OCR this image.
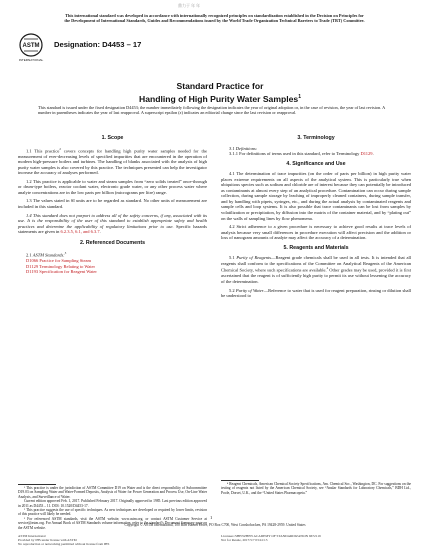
鼎力于 年 年
This international standard was developed in accordance with internationally recognized principles on standardization established in the Decision on Principles for the Development of International Standards, Guides and Recommendations issued by the World Trade Organization Technical Barriers to Trade (TBT) Committee.
ASTM
INTERNATIONAL
Designation: D4453 – 17
Standard Practice for
Handling of High Purity Water Samples$^1$
This standard is issued under the fixed designation D4453; the number immediately following the designation indicates the year of original adoption or, in the case of revision, the year of last revision. A number in parentheses indicates the year of last reapproval. A superscript epsilon (ε) indicates an editorial change since the last revision or reapproval.
1. Scope

1.1 This practice$^2$ covers concepts for handling high purity water samples needed for the measurement of ever-decreasing levels of specified impurities that are encountered in the operation of modern high-pressure boilers and turbines. The handling of blanks associated with the analysis of high purity water samples is also covered by this practice. The techniques presented can help the investigator increase the accuracy of analyses performed.

1.2 This practice is applicable to water and steam samples from “zero solids treated” once-through or drum-type boilers, reactor coolant water, electronic grade water, or any other process water where analyte concentrations are in the low parts per billion (micrograms per litre) range.

1.3 The values stated in SI units are to be regarded as standard. No other units of measurement are included in this standard.

1.4 This standard does not purport to address all of the safety concerns, if any, associated with its use. It is the responsibility of the user of this standard to establish appropriate safety and health practices and determine the applicability of regulatory limitations prior to use. Specific hazards statements are given in 6.2.3.5, 6.1, and 6.3.7.

2. Referenced Documents

2.1 ASTM Standards:$^3$

D1066 Practice for Sampling Steam
D1129 Terminology Relating to Water
D1193 Specification for Reagent Water
¹ This practice is under the jurisdiction of ASTM Committee D19 on Water and is the direct responsibility of Subcommittee D19.03 on Sampling Water and Water-Formed Deposits, Analysis of Water for Power Generation and Process Use, On-Line Water Analysis, and Surveillance of Water.
Current edition approved Feb. 1, 2017. Published February 2017. Originally approved in 1985. Last previous edition approved in 2011 as D4453 – 11. DOI: 10.1520/D4453-17.
² This practice suggests the use of specific techniques. As new techniques are developed or required by lower limits, revision of this practice will likely be needed.
³ For referenced ASTM standards, visit the ASTM website, www.astm.org, or contact ASTM Customer Service at service@astm.org. For Annual Book of ASTM Standards volume information, refer to the standard’s Document Summary page on the ASTM website.
3. Terminology

3.1 Definitions:

3.1.1 For definitions of terms used in this standard, refer to Terminology D1129.

4. Significance and Use

4.1 The determination of trace impurities (on the order of parts per billion) in high purity water places extreme requirements on all aspects of the analytical system. This is particularly true when ubiquitous species such as sodium and chloride are of interest because they can potentially be introduced as contaminants at almost every step of an analytical procedure. Contamination can occur during sample collection, during sample storage by leaching of improperly cleaned containers, during sample transfer, and by handling with pipets, syringes, etc., and during the actual analysis by contaminated reagents and sample cells and loop systems. It is also possible that trace contaminants can be lost from samples by volatilization or precipitation, by diffusion into the matrix of the container material, and by “plating out” on the walls of sampling lines by flow phenomena.

4.2 Strict adherence to a given procedure is necessary to achieve good results at trace levels of analysis because very small differences in procedure execution will affect precision and the addition or loss of nanogram amounts of analyte may affect the accuracy of a determination.

5. Reagents and Materials

5.1 Purity of Reagents—Reagent grade chemicals shall be used in all tests. It is intended that all reagents shall conform to the specifications of the Committee on Analytical Reagents of the American Chemical Society, where such specifications are available.$^4$ Other grades may be used, provided it is first ascertained that the reagent is of sufficiently high purity to permit its use without lessening the accuracy of the determination.

5.2 Purity of Water—Reference to water that is used for reagent preparation, rinsing or dilution shall be understood to

⁴ Reagent Chemicals, American Chemical Society Specifications, Am. Chemical Soc., Washington, DC. For suggestions on the testing of reagents not listed by the American Chemical Society, see “Analar Standards for Laboratory Chemicals,” BDH Ltd., Poole, Dorset, U.K., and the “United States Pharmacopeia.”
1
Copyright © ASTM International, 100 Barr Harbor Drive, PO Box C700, West Conshohocken, PA 19428-2959. United States
ASTM International
Provided by IHS under license with ASTM
No reproduction or networking permitted without license from IHS
Licensee=SHENZHEN ACADEMY OF STANDARDIZATION 6672119
Not for Resale, 2017/5/7 03:41:13
